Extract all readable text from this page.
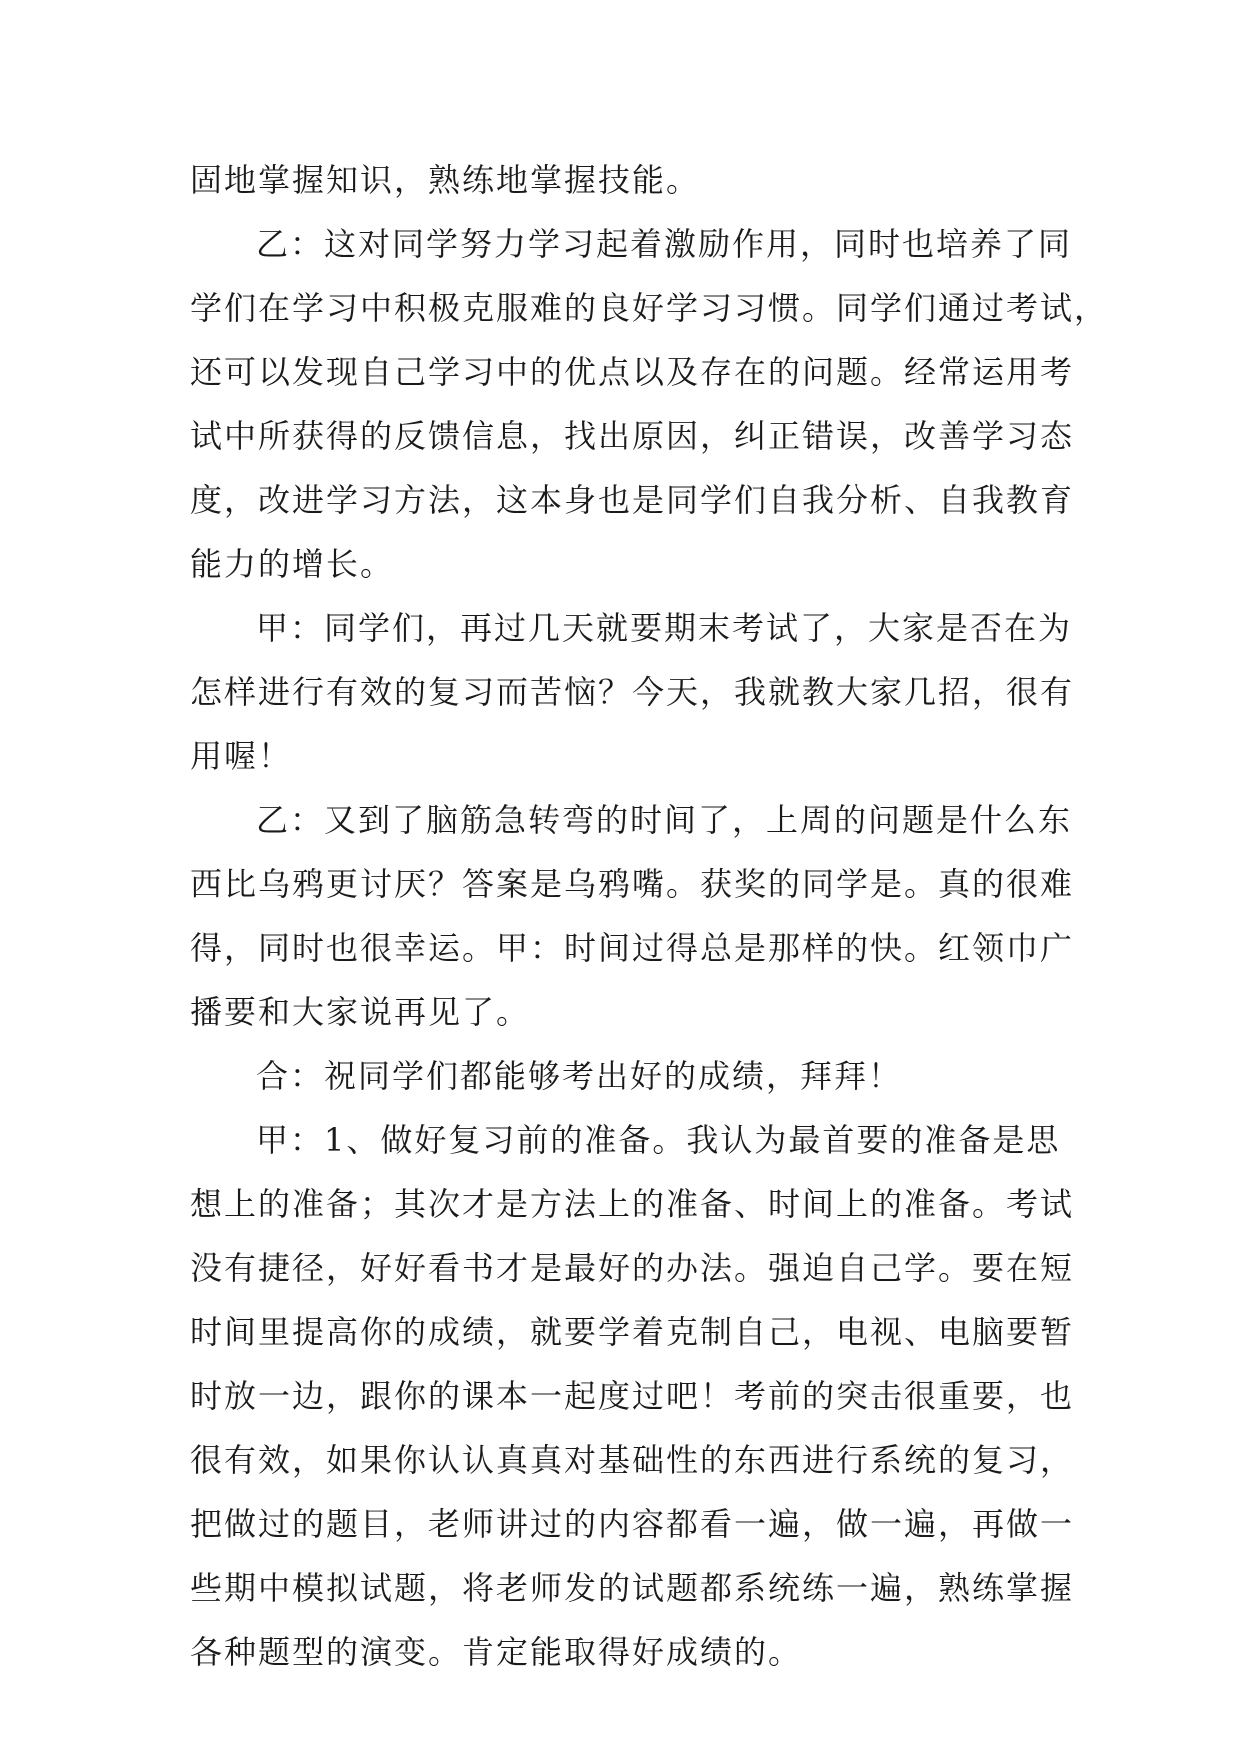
固地掌握知识，熟练地掌握技能。
乙：这对同学努力学习起着激励作用，同时也培养了同
学们在学习中积极克服难的良好学习习惯。同学们通过考试，
还可以发现自己学习中的优点以及存在的问题。经常运用考
试中所获得的反馈信息，找出原因，纠正错误，改善学习态
度，改进学习方法，这本身也是同学们自我分析、自我教育
能力的增长。
甲：同学们，再过几天就要期末考试了，大家是否在为
怎样进行有效的复习而苦恼？今天，我就教大家几招，很有
用喔！
乙：又到了脑筋急转弯的时间了，上周的问题是什么东
西比乌鸦更讨厌？答案是乌鸦嘴。获奖的同学是。真的很难
得，同时也很幸运。甲：时间过得总是那样的快。红领巾广
播要和大家说再见了。
合：祝同学们都能够考出好的成绩，拜拜！
甲：1、做好复习前的准备。我认为最首要的准备是思
想上的准备；其次才是方法上的准备、时间上的准备。考试
没有捷径，好好看书才是最好的办法。强迫自己学。要在短
时间里提高你的成绩，就要学着克制自己，电视、电脑要暂
时放一边，跟你的课本一起度过吧！考前的突击很重要，也
很有效，如果你认认真真对基础性的东西进行系统的复习，
把做过的题目，老师讲过的内容都看一遍，做一遍，再做一
些期中模拟试题，将老师发的试题都系统练一遍，熟练掌握
各种题型的演变。肯定能取得好成绩的。
